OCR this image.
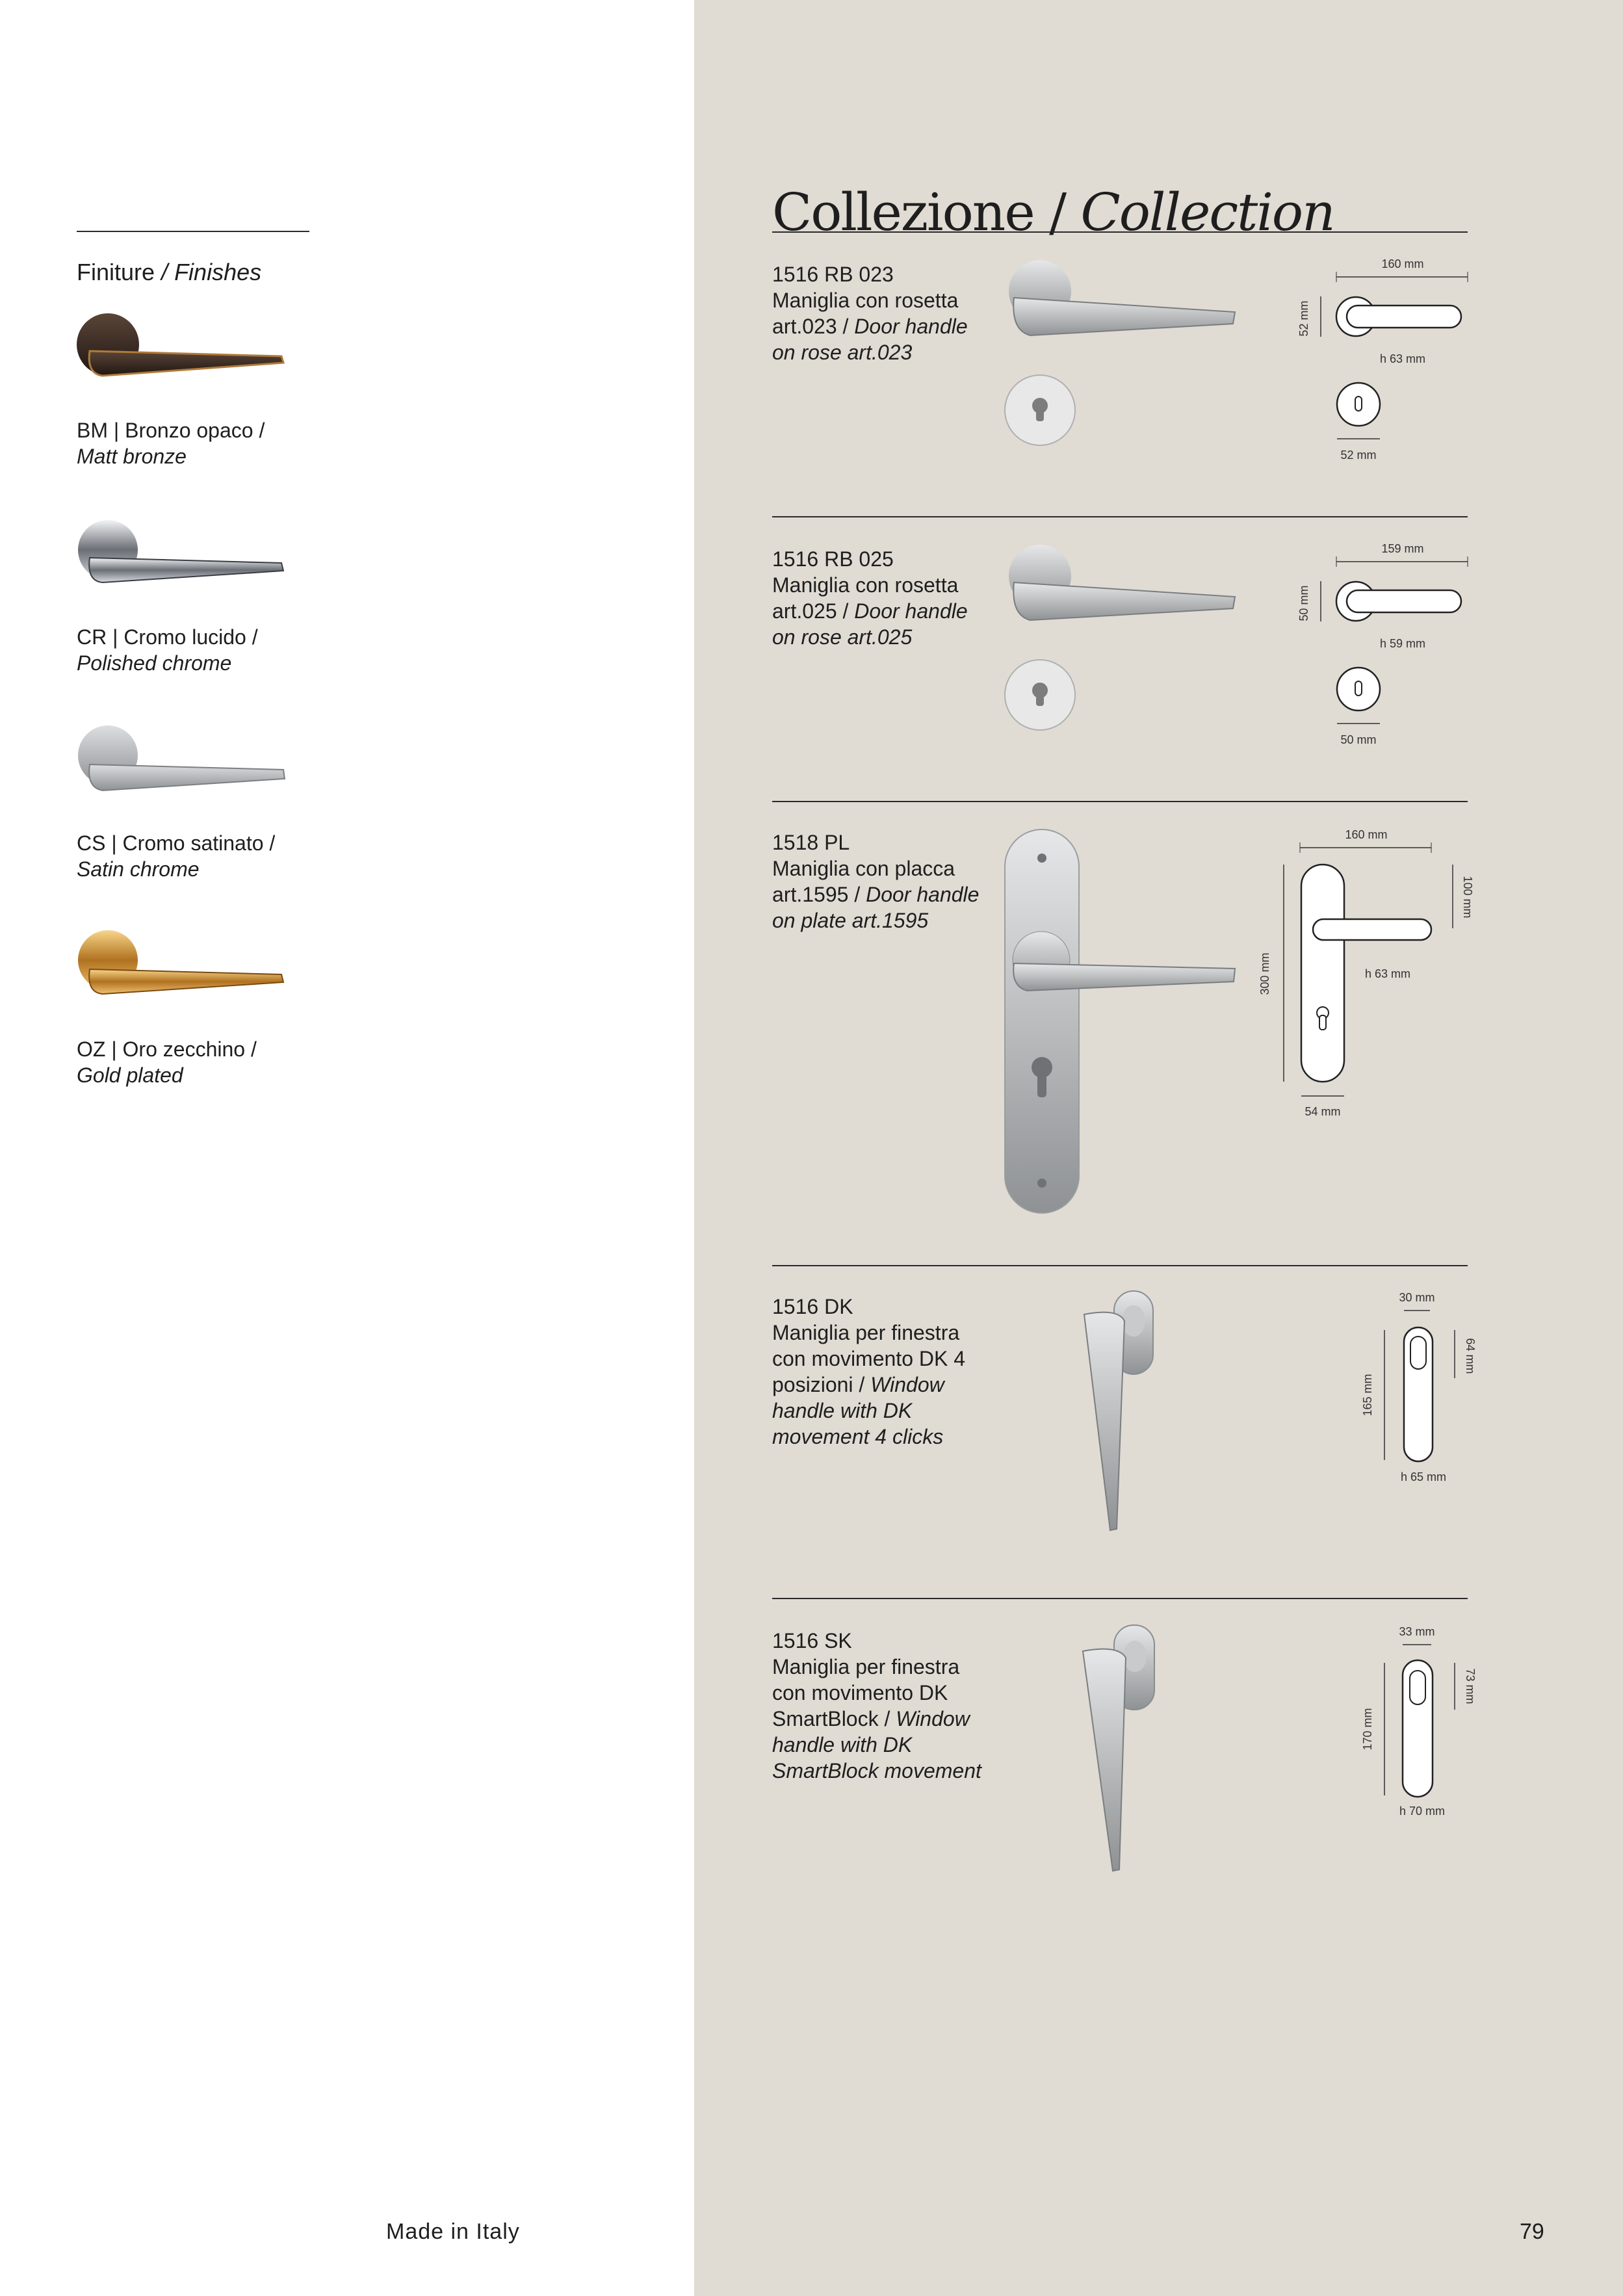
Finiture / Finishes
BM | Bronzo opaco /
Matt bronze
CR | Cromo lucido /
Polished chrome
CS | Cromo satinato /
Satin chrome
OZ | Oro zecchino /
Gold plated
Collezione / Collection
1516 RB 023
Maniglia con rosetta art.023 / Door handle on rose art.023
160 mm
52 mm
h 63 mm
52 mm
1516 RB 025
Maniglia con rosetta art.025 / Door handle on rose art.025
159 mm
50 mm
h 59 mm
50 mm
1518 PL
Maniglia con placca art.1595 / Door handle on plate art.1595
160 mm
300 mm
100 mm
h 63 mm
54 mm
1516 DK
Maniglia per finestra con movimento DK 4 posizioni / Window handle with DK movement 4 clicks
30 mm
165 mm
64 mm
h 65 mm
1516 SK
Maniglia per finestra con movimento DK SmartBlock / Window handle with DK SmartBlock movement
33 mm
170 mm
73 mm
h 70 mm
Made in Italy	79
